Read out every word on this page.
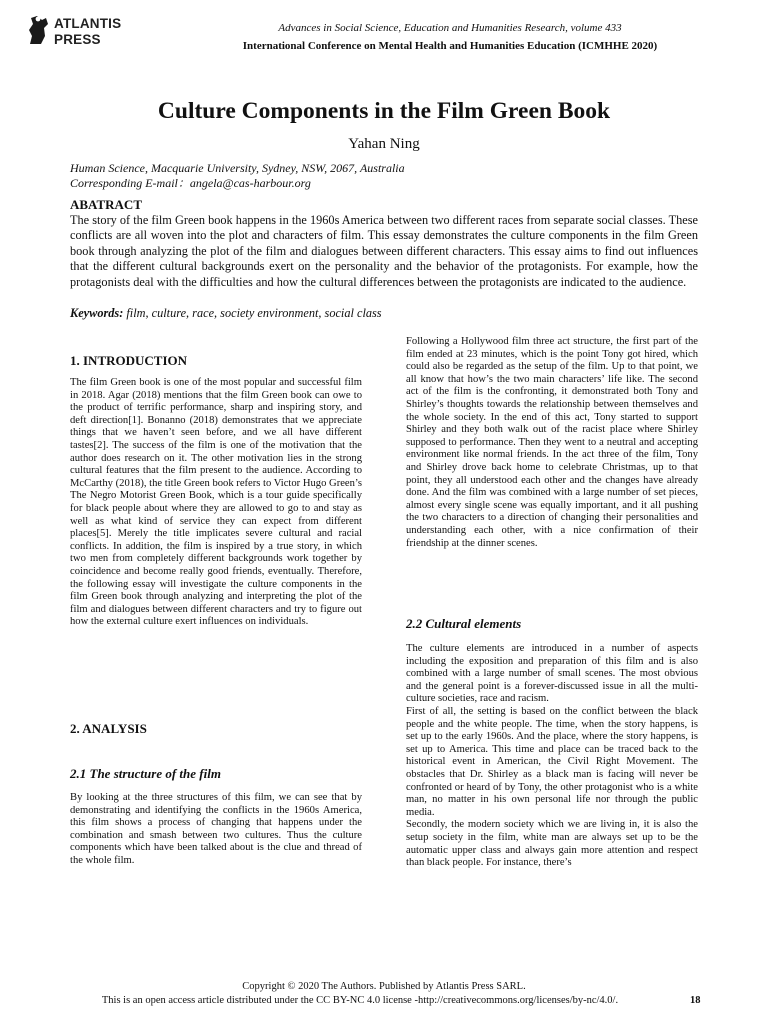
ATLANTIS
PRESS
Advances in Social Science, Education and Humanities Research, volume 433
International Conference on Mental Health and Humanities Education (ICMHHE 2020)
Culture Components in the Film Green Book
Yahan Ning
Human Science, Macquarie University, Sydney, NSW, 2067, Australia
Corresponding E-mail：angela@cas-harbour.org
ABATRACT
The story of the film Green book happens in the 1960s America between two different races from separate social classes. These conflicts are all woven into the plot and characters of film. This essay demonstrates the culture components in the film Green book through analyzing the plot of the film and dialogues between different characters. This essay aims to find out influences that the different cultural backgrounds exert on the personality and the behavior of the protagonists. For example, how the protagonists deal with the difficulties and how the cultural differences between the protagonists are indicated to the audience.
Keywords: film, culture, race, society environment, social class
1. INTRODUCTION

The film Green book is one of the most popular and successful film in 2018. Agar (2018) mentions that the film Green book can owe to the product of terrific performance, sharp and inspiring story, and deft direction[1]. Bonanno (2018) demonstrates that we appreciate things that we haven’t seen before, and we all have different tastes[2]. The success of the film is one of the motivation that the author does research on it. The other motivation lies in the strong cultural features that the film present to the audience. According to McCarthy (2018), the title Green book refers to Victor Hugo Green’s The Negro Motorist Green Book, which is a tour guide specifically for black people about where they are allowed to go to and stay as well as what kind of service they can expect from different places[5]. Merely the title implicates severe cultural and racial conflicts. In addition, the film is inspired by a true story, in which two men from completely different backgrounds work together by coincidence and become really good friends, eventually. Therefore, the following essay will investigate the culture components in the film Green book through analyzing and interpreting the plot of the film and dialogues between different characters and try to figure out how the external culture exert influences on individuals.

2. ANALYSIS
2.1 The structure of the film

By looking at the three structures of this film, we can see that by demonstrating and identifying the conflicts in the 1960s America, this film shows a process of changing that happens under the combination and smash between two cultures. Thus the culture components which have been talked about is the clue and thread of the whole film.

Following a Hollywood film three act structure, the first part of the film ended at 23 minutes, which is the point Tony got hired, which could also be regarded as the setup of the film. Up to that point, we all know that how’s the two main characters’ life like. The second act of the film is the confronting, it demonstrated both Tony and Shirley’s thoughts towards the relationship between themselves and the whole society. In the end of this act, Tony started to support Shirley and they both walk out of the racist place where Shirley supposed to performance. Then they went to a neutral and accepting environment like normal friends. In the act three of the film, Tony and Shirley drove back home to celebrate Christmas, up to that point, they all understood each other and the changes have already done. And the film was combined with a large number of set pieces, almost every single scene was equally important, and it all pushing the two characters to a direction of changing their personalities and understanding each other, with a nice confirmation of their friendship at the dinner scenes.

2.2 Cultural elements

The culture elements are introduced in a number of aspects including the exposition and preparation of this film and is also combined with a large number of small scenes. The most obvious and the general point is a forever-discussed issue in all the multi-culture societies, race and racism.

First of all, the setting is based on the conflict between the black people and the white people. The time, when the story happens, is set up to the early 1960s. And the place, where the story happens, is set up to America. This time and place can be traced back to the historical event in American, the Civil Right Movement. The obstacles that Dr. Shirley as a black man is facing will never be confronted or heard of by Tony, the other protagonist who is a white man, no matter in his own personal life nor through the public media.

Secondly, the modern society which we are living in, it is also the setup society in the film, white man are always set up to be the automatic upper class and always gain more attention and respect than black people. For instance, there’s

Copyright © 2020 The Authors. Published by Atlantis Press SARL.
This is an open access article distributed under the CC BY-NC 4.0 license -http://creativecommons.org/licenses/by-nc/4.0/.	18
